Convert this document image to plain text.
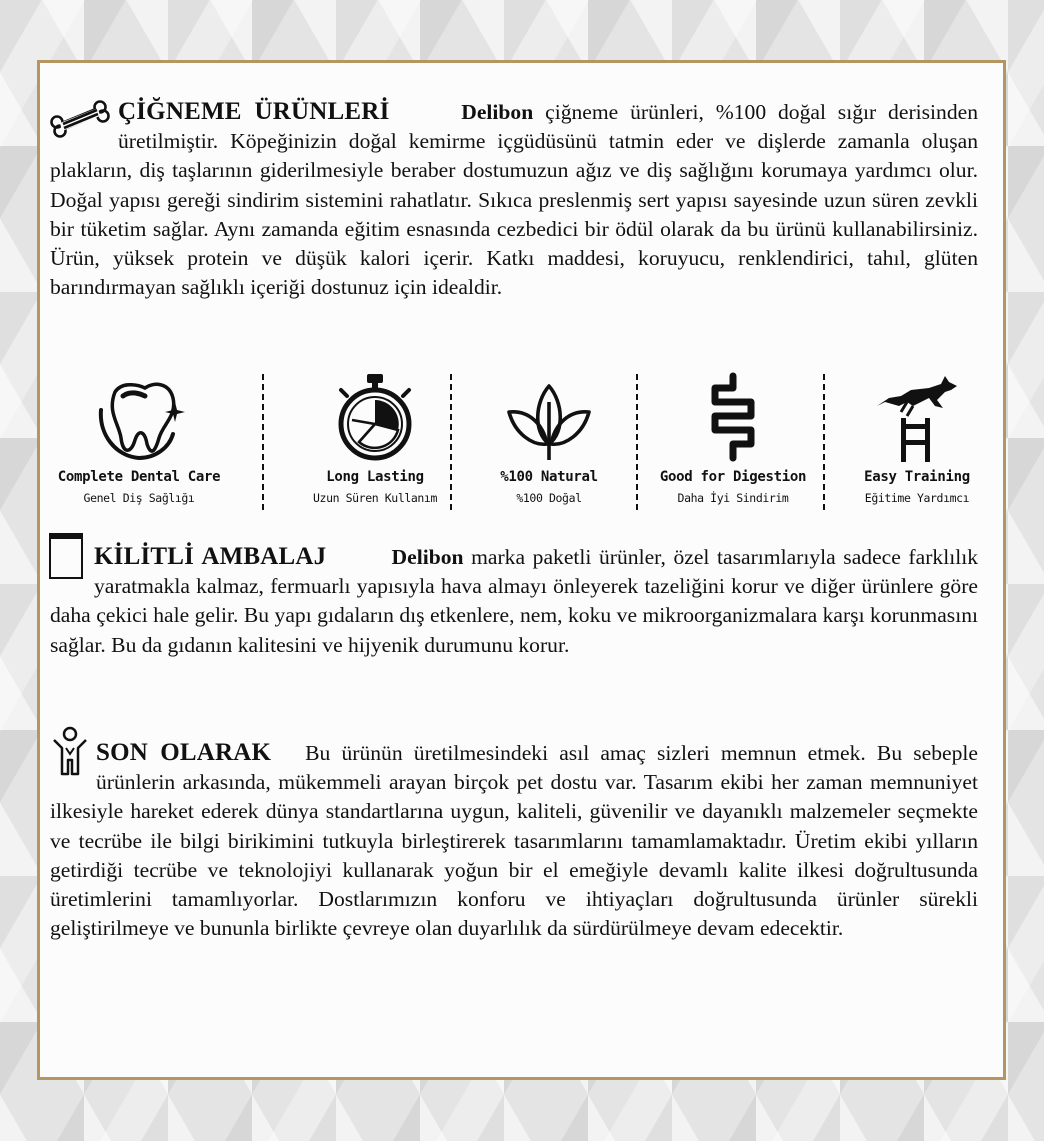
ÇİĞNEME ÜRÜNLERİ	Delibon çiğneme ürünleri, %100 doğal sığır derisinden üretilmiştir. Köpeğinizin doğal kemirme içgüdüsünü tatmin eder ve dişlerde zamanla oluşan plakların, diş taşlarının giderilmesiyle beraber dostumuzun ağız ve diş sağlığını korumaya yardımcı olur. Doğal yapısı gereği sindirim sistemini rahatlatır. Sıkıca preslenmiş sert yapısı sayesinde uzun süren zevkli bir tüketim sağlar. Aynı zamanda eğitim esnasında cezbedici bir ödül olarak da bu ürünü kullanabilirsiniz. Ürün, yüksek protein ve düşük kalori içerir. Katkı maddesi, koruyucu, renklendirici, tahıl, glüten barındırmayan sağlıklı içeriği dostunuz için idealdir.

Complete Dental Care
Genel Diş Sağlığı
Long Lasting
Uzun Süren Kullanım
%100 Natural
%100 Doğal
Good for Digestion
Daha İyi Sindirim
Easy Training
Eğitime Yardımcı

KİLİTLİ AMBALAJ	Delibon marka paketli ürünler, özel tasarımlarıyla sadece farklılık yaratmakla kalmaz, fermuarlı yapısıyla hava almayı önleyerek tazeliğini korur ve diğer ürünlere göre daha çekici hale gelir. Bu yapı gıdaların dış etkenlere, nem, koku ve mikroorganizmalara karşı korunmasını sağlar. Bu da gıdanın kalitesini ve hijyenik durumunu korur.

SON OLARAK Bu ürünün üretilmesindeki asıl amaç sizleri memnun etmek. Bu sebeple ürünlerin arkasında, mükemmeli arayan birçok pet dostu var. Tasarım ekibi her zaman memnuniyet ilkesiyle hareket ederek dünya standartlarına uygun, kaliteli, güvenilir ve dayanıklı malzemeler seçmekte ve tecrübe ile bilgi birikimini tutkuyla birleştirerek tasarımlarını tamamlamaktadır. Üretim ekibi yılların getirdiği tecrübe ve teknolojiyi kullanarak yoğun bir el emeğiyle devamlı kalite ilkesi doğrultusunda üretimlerini tamamlıyorlar. Dostlarımızın konforu ve ihtiyaçları doğrultusunda ürünler sürekli geliştirilmeye ve bununla birlikte çevreye olan duyarlılık da sürdürülmeye devam edecektir.
